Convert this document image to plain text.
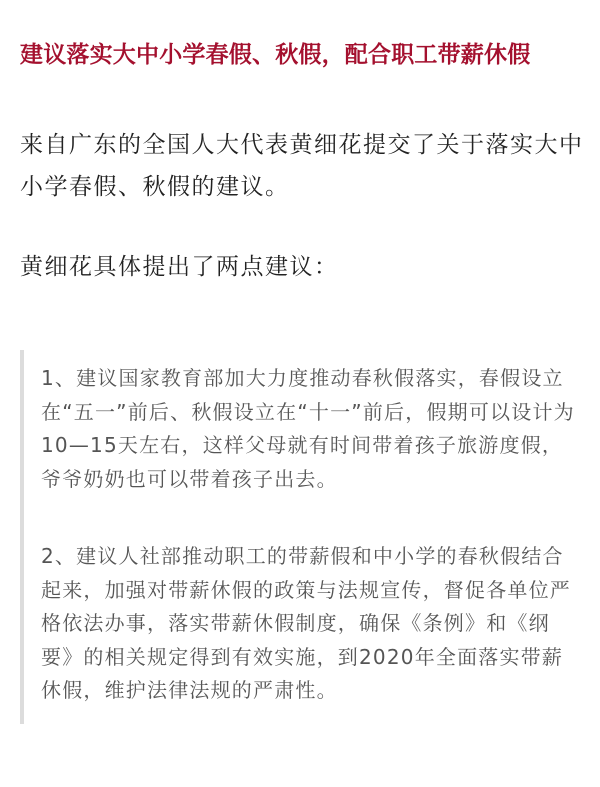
建议落实大中小学春假、秋假，配合职工带薪休假
来自广东的全国人大代表黄细花提交了关于落实大中小学春假、秋假的建议。
黄细花具体提出了两点建议：

1、建议国家教育部加大力度推动春秋假落实，春假设立在“五一”前后、秋假设立在“十一”前后，假期可以设计为10—15天左右，这样父母就有时间带着孩子旅游度假，爷爷奶奶也可以带着孩子出去。

2、建议人社部推动职工的带薪假和中小学的春秋假结合起来，加强对带薪休假的政策与法规宣传，督促各单位严格依法办事，落实带薪休假制度，确保《条例》和《纲要》的相关规定得到有效实施，到2020年全面落实带薪休假，维护法律法规的严肃性。
